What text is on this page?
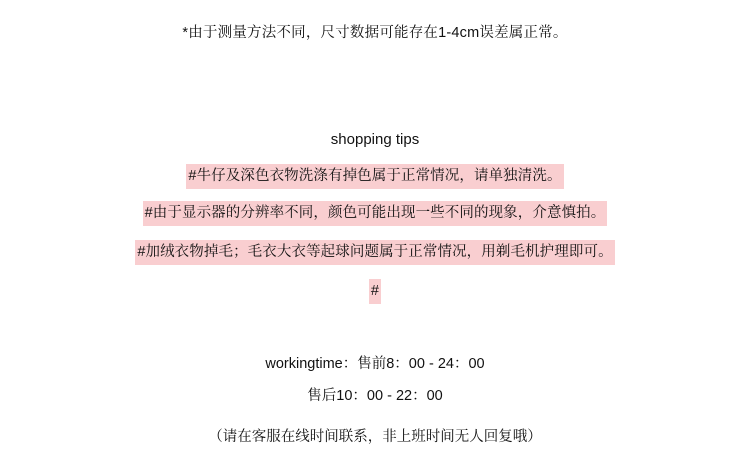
*由于测量方法不同，尺寸数据可能存在1-4cm误差属正常。
shopping tips
#牛仔及深色衣物洗涤有掉色属于正常情况，请单独清洗。
#由于显示器的分辨率不同，颜色可能出现一些不同的现象，介意慎拍。
#加绒衣物掉毛；毛衣大衣等起球问题属于正常情况，用剃毛机护理即可。
#
workingtime：售前8：00 - 24：00
售后10：00 - 22：00
（请在客服在线时间联系，非上班时间无人回复哦）
